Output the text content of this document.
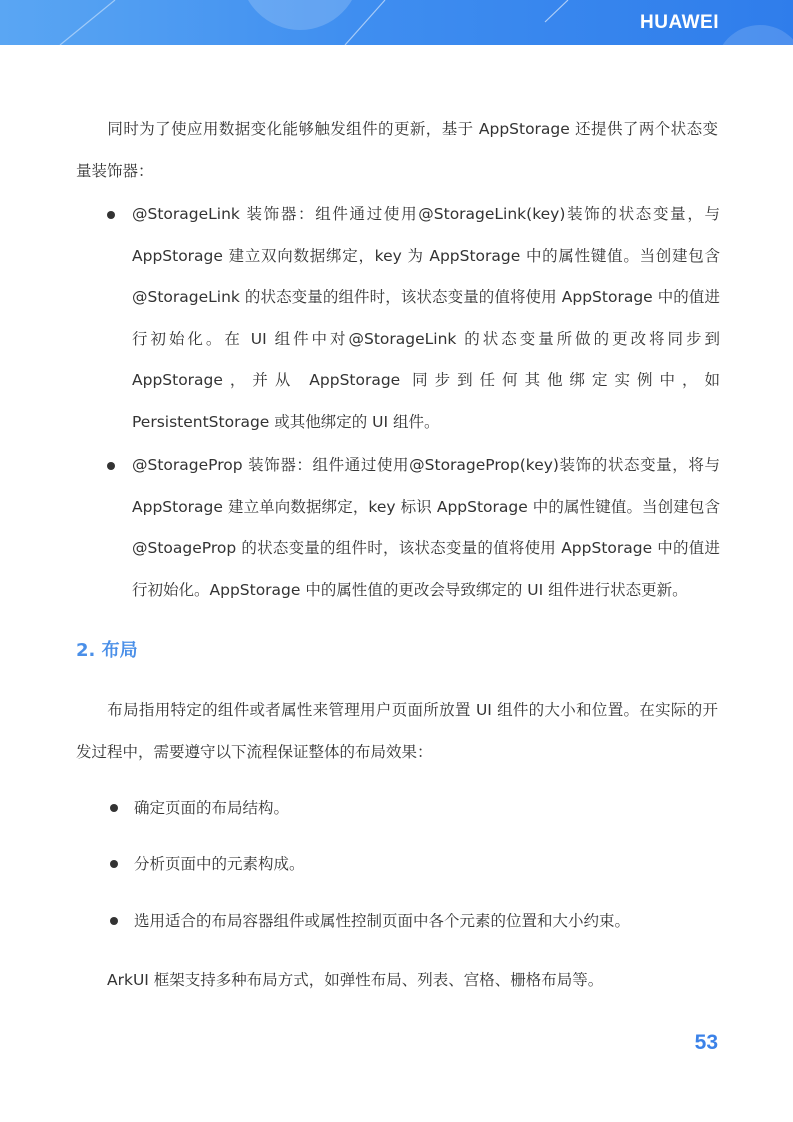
HUAWEI

同时为了使应用数据变化能够触发组件的更新，基于 AppStorage 还提供了两个状态变量装饰器：

@StorageLink 装饰器：组件通过使用@StorageLink(key)装饰的状态变量，与 AppStorage 建立双向数据绑定，key 为 AppStorage 中的属性键值。当创建包含@StorageLink 的状态变量的组件时，该状态变量的值将使用 AppStorage 中的值进行初始化。在 UI 组件中对@StorageLink 的状态变量所做的更改将同步到 AppStorage，并从 AppStorage 同步到任何其他绑定实例中，如 PersistentStorage 或其他绑定的 UI 组件。

@StorageProp 装饰器：组件通过使用@StorageProp(key)装饰的状态变量，将与 AppStorage 建立单向数据绑定，key 标识 AppStorage 中的属性键值。当创建包含@StoageProp 的状态变量的组件时，该状态变量的值将使用 AppStorage 中的值进行初始化。AppStorage 中的属性值的更改会导致绑定的 UI 组件进行状态更新。

2. 布局

布局指用特定的组件或者属性来管理用户页面所放置 UI 组件的大小和位置。在实际的开发过程中，需要遵守以下流程保证整体的布局效果：

确定页面的布局结构。
分析页面中的元素构成。
选用适合的布局容器组件或属性控制页面中各个元素的位置和大小约束。

ArkUI 框架支持多种布局方式，如弹性布局、列表、宫格、栅格布局等。

53
